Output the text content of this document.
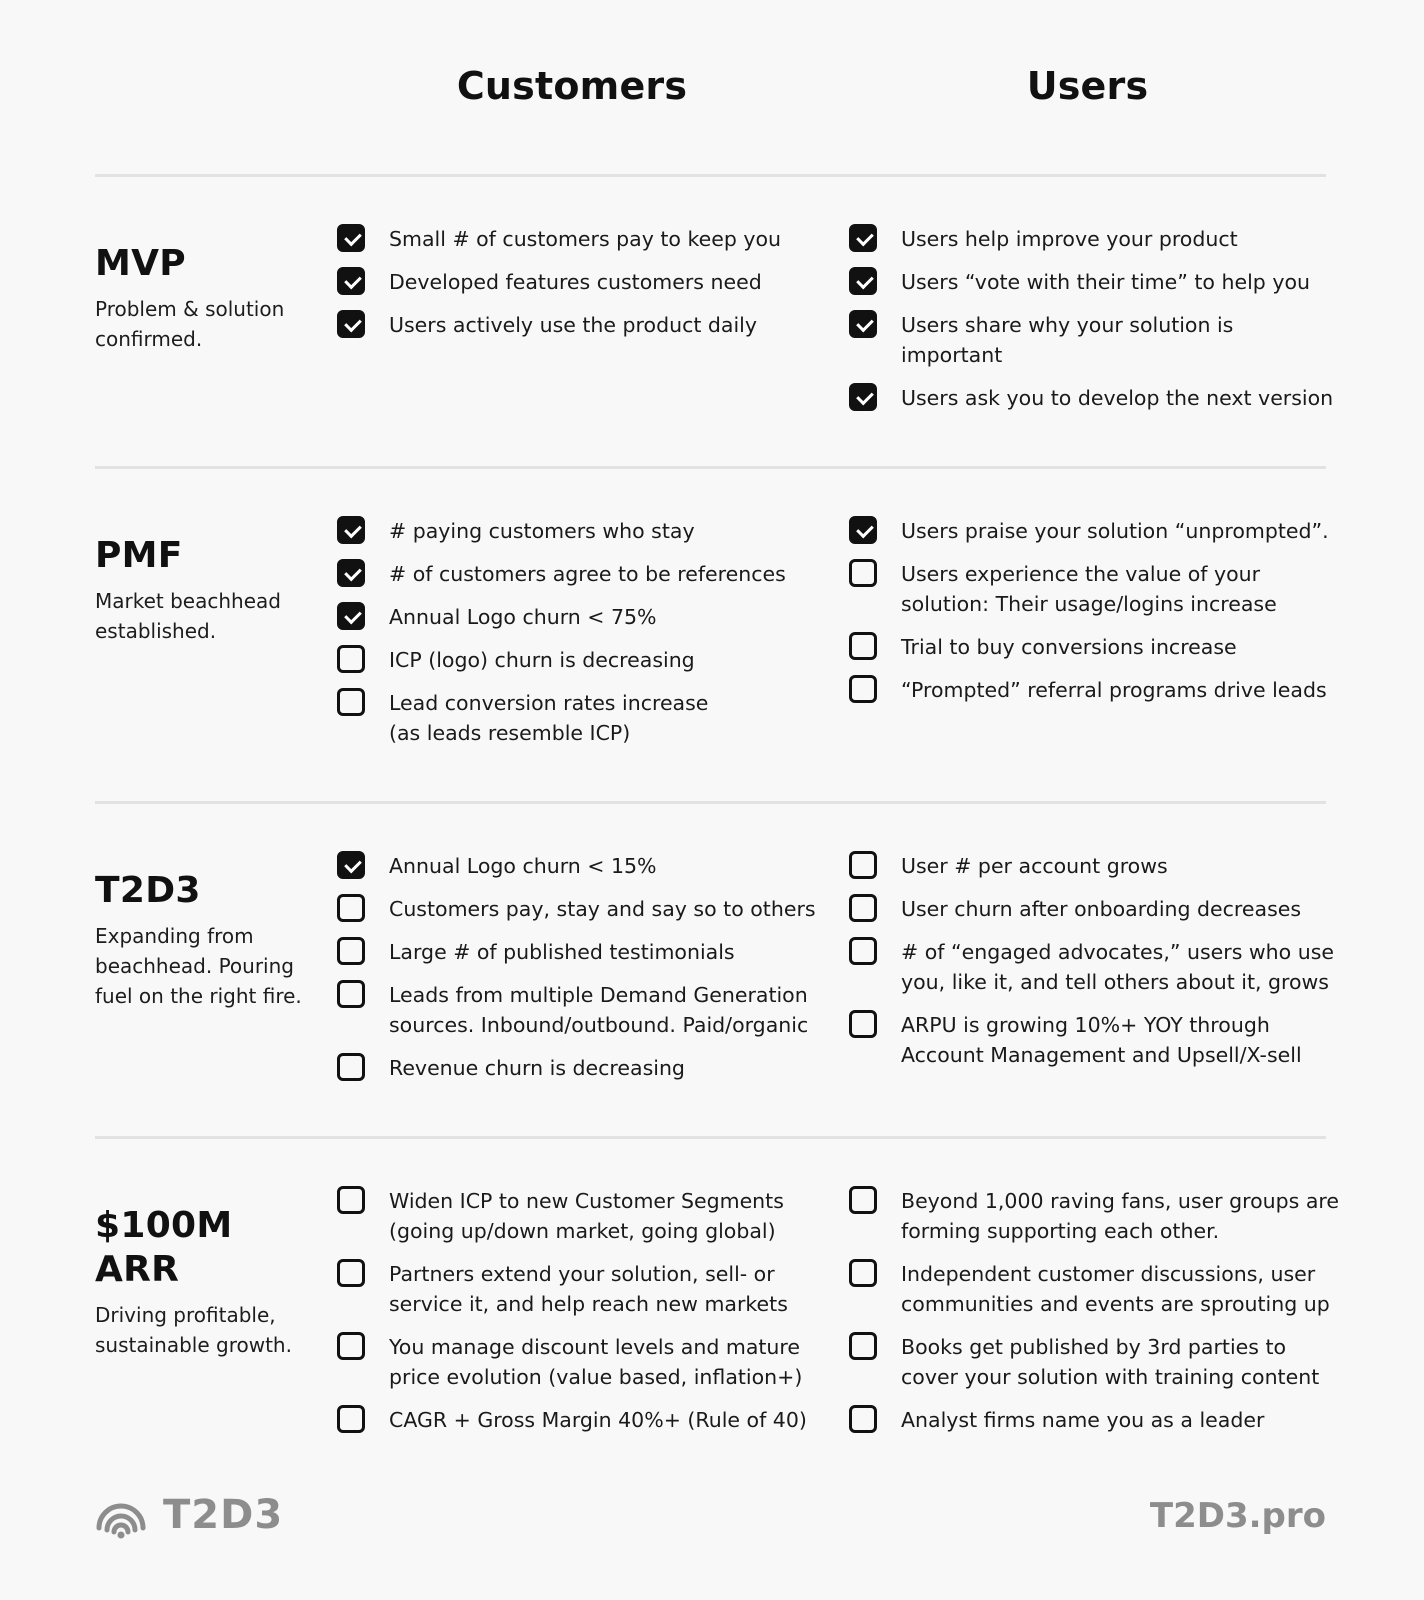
Customers	Users
MVP
Problem & solution
confirmed.
Small # of customers pay to keep you
Developed features customers need
Users actively use the product daily
Users help improve your product
Users “vote with their time” to help you
Users share why your solution is
important
Users ask you to develop the next version
PMF
Market beachhead
established.
# paying customers who stay
# of customers agree to be references
Annual Logo churn < 75%
ICP (logo) churn is decreasing
Lead conversion rates increase
(as leads resemble ICP)
Users praise your solution “unprompted”.
Users experience the value of your
solution: Their usage/logins increase
Trial to buy conversions increase
“Prompted” referral programs drive leads
T2D3
Expanding from
beachhead. Pouring
fuel on the right fire.
Annual Logo churn < 15%
Customers pay, stay and say so to others
Large # of published testimonials
Leads from multiple Demand Generation
sources. Inbound/outbound. Paid/organic
Revenue churn is decreasing
User # per account grows
User churn after onboarding decreases
# of “engaged advocates,” users who use
you, like it, and tell others about it, grows
ARPU is growing 10%+ YOY through
Account Management and Upsell/X-sell
$100M ARR
Driving profitable,
sustainable growth.
Widen ICP to new Customer Segments
(going up/down market, going global)
Partners extend your solution, sell- or
service it, and help reach new markets
You manage discount levels and mature
price evolution (value based, inflation+)
CAGR + Gross Margin 40%+ (Rule of 40)
Beyond 1,000 raving fans, user groups are
forming supporting each other.
Independent customer discussions, user
communities and events are sprouting up
Books get published by 3rd parties to
cover your solution with training content
Analyst firms name you as a leader
T2D3	T2D3.pro
